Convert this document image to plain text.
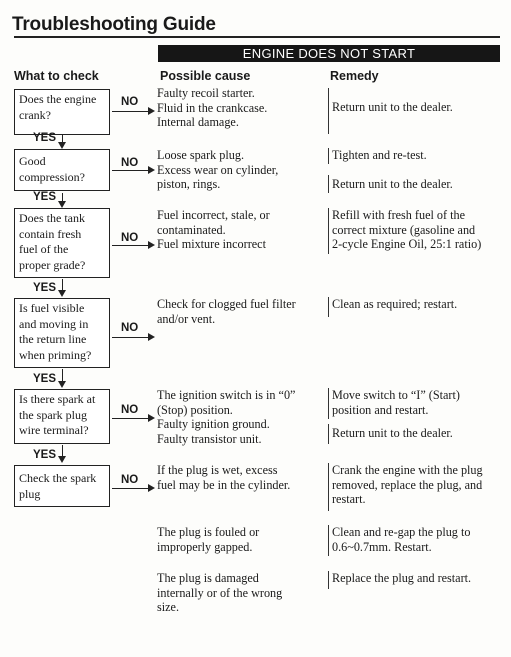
Troubleshooting Guide
ENGINE DOES NOT START
What to check	Possible cause	Remedy
Does the engine
crank?
NO
Faulty recoil starter.
Fluid in the crankcase.
Internal damage.
Return unit to the dealer.
YES
Good
compression?
NO
Loose spark plug.
Excess wear on cylinder,
piston, rings.
Tighten and re-test.
Return unit to the dealer.
YES
Does the tank
contain fresh
fuel of the
proper grade?
NO
Fuel incorrect, stale, or
contaminated.
Fuel mixture incorrect
Refill with fresh fuel of the
correct mixture (gasoline and
2-cycle Engine Oil, 25:1 ratio)
YES
Is fuel visible
and moving in
the return line
when priming?
NO
Check for clogged fuel filter
and/or vent.
Clean as required; restart.
YES
Is there spark at
the spark plug
wire terminal?
NO
The ignition switch is in “0”
(Stop) position.
Faulty ignition ground.
Faulty transistor unit.
Move switch to “I” (Start)
position and restart.
Return unit to the dealer.
YES
Check the spark
plug
NO
If the plug is wet, excess
fuel may be in the cylinder.
Crank the engine with the plug
removed, replace the plug, and
restart.
The plug is fouled or
improperly gapped.
Clean and re-gap the plug to
0.6~0.7mm. Restart.
The plug is damaged
internally or of the wrong
size.
Replace the plug and restart.
